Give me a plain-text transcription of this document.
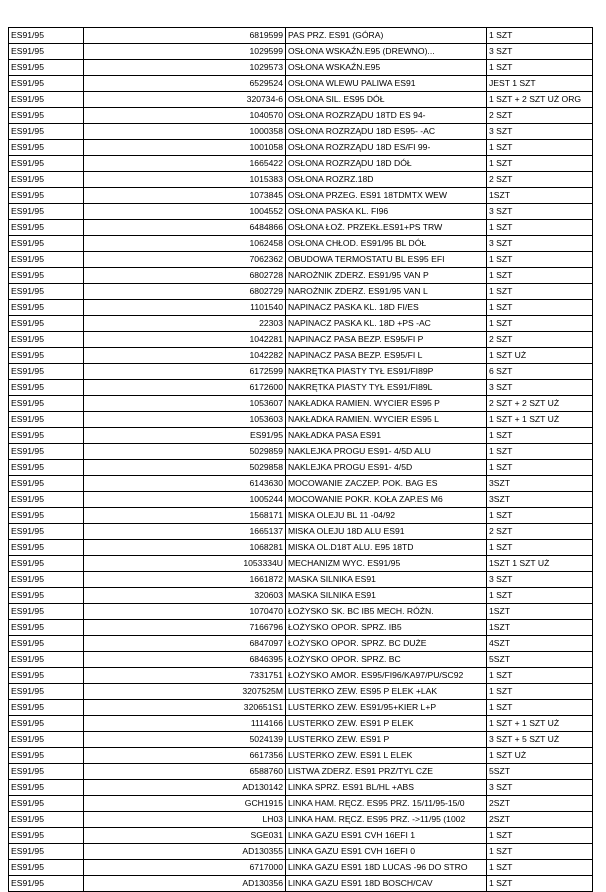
ES91/95	6819599	PAS PRZ. ES91 (GÓRA)	1 SZT
ES91/95	1029599	OSŁONA WSKAŹN.E95 (DREWNO)...	3 SZT
ES91/95	1029573	OSŁONA WSKAŹN.E95	1 SZT
ES91/95	6529524	OSŁONA WLEWU PALIWA ES91	JEST 1 SZT
ES91/95	320734-6	OSŁONA SIL. ES95 DÓŁ	1 SZT + 2 SZT UŻ ORG
ES91/95	1040570	OSŁONA ROZRZĄDU 18TD ES 94-	2 SZT
ES91/95	1000358	OSŁONA ROZRZĄDU 18D ES95- -AC	3 SZT
ES91/95	1001058	OSŁONA ROZRZĄDU 18D ES/FI 99-	1 SZT
ES91/95	1665422	OSŁONA ROZRZĄDU 18D DÓŁ	1 SZT
ES91/95	1015383	OSŁONA ROZRZ.18D	2 SZT
ES91/95	1073845	OSŁONA PRZEG. ES91 18TDMTX WEW	1SZT
ES91/95	1004552	OSŁONA PASKA KL. FI96	3 SZT
ES91/95	6484866	OSŁONA ŁOŻ. PRZEKŁ.ES91+PS TRW	1 SZT
ES91/95	1062458	OSŁONA CHŁOD. ES91/95 BL DÓŁ	3 SZT
ES91/95	7062362	OBUDOWA TERMOSTATU BL ES95 EFI	1 SZT
ES91/95	6802728	NAROŻNIK ZDERZ. ES91/95 VAN P	1 SZT
ES91/95	6802729	NAROŻNIK ZDERZ. ES91/95 VAN L	1 SZT
ES91/95	1101540	NAPINACZ PASKA KL. 18D FI/ES	1 SZT
ES91/95	22303	NAPINACZ PASKA KL. 18D +PS -AC	1 SZT
ES91/95	1042281	NAPINACZ PASA BEZP. ES95/FI P	2 SZT
ES91/95	1042282	NAPINACZ PASA BEZP. ES95/FI L	1 SZT UŻ
ES91/95	6172599	NAKRĘTKA PIASTY TYŁ ES91/FI89P	6 SZT
ES91/95	6172600	NAKRĘTKA PIASTY TYŁ ES91/FI89L	3 SZT
ES91/95	1053607	NAKŁADKA RAMIEN. WYCIER ES95 P	2 SZT + 2 SZT UŻ
ES91/95	1053603	NAKŁADKA RAMIEN. WYCIER ES95 L	1 SZT + 1 SZT UŻ
ES91/95	ES91/95	NAKŁADKA PASA ES91	1 SZT
ES91/95	5029859	NAKLEJKA PROGU ES91- 4/5D ALU	1 SZT
ES91/95	5029858	NAKLEJKA PROGU ES91- 4/5D	1 SZT
ES91/95	6143630	MOCOWANIE ZACZEP. POK. BAG ES	3SZT
ES91/95	1005244	MOCOWANIE POKR. KOŁA ZAP.ES M6	3SZT
ES91/95	1568171	MISKA OLEJU BL 11 -04/92	1 SZT
ES91/95	1665137	MISKA OLEJU 18D ALU ES91	2 SZT
ES91/95	1068281	MISKA OL.D18T ALU. E95 18TD	1 SZT
ES91/95	1053334U	MECHANIZM WYC. ES91/95	1SZT 1 SZT UŻ
ES91/95	1661872	MASKA SILNIKA ES91	3 SZT
ES91/95	320603	MASKA SILNIKA ES91	1 SZT
ES91/95	1070470	ŁOŻYSKO SK. BC IB5 MECH. RÓŻN.	1SZT
ES91/95	7166796	ŁOŻYSKO OPOR. SPRZ. IB5	1SZT
ES91/95	6847097	ŁOŻYSKO OPOR. SPRZ. BC DUŻE	4SZT
ES91/95	6846395	ŁOŻYSKO OPOR. SPRZ. BC	5SZT
ES91/95	7331751	ŁOŻYSKO AMOR. ES95/FI96/KA97/PU/SC92	1 SZT
ES91/95	3207525M	LUSTERKO ZEW. ES95 P ELEK +LAK	1 SZT
ES91/95	320651S1	LUSTERKO ZEW. ES91/95+KIER L+P	1 SZT
ES91/95	1114166	LUSTERKO ZEW. ES91 P ELEK	1 SZT + 1 SZT UŻ
ES91/95	5024139	LUSTERKO ZEW. ES91 P	3 SZT + 5 SZT UŻ
ES91/95	6617356	LUSTERKO ZEW. ES91 L ELEK	1 SZT UŻ
ES91/95	6588760	LISTWA ZDERZ. ES91 PRZ/TYL CZE	5SZT
ES91/95	AD130142	LINKA SPRZ. ES91 BL/HL +ABS	3 SZT
ES91/95	GCH1915	LINKA HAM. RĘCZ. ES95 PRZ. 15/11/95-15/0	2SZT
ES91/95	LH03	LINKA HAM. RĘCZ. ES95 PRZ. ->11/95 (1002	2SZT
ES91/95	SGE031	LINKA GAZU ES91 CVH 16EFI 1	1 SZT
ES91/95	AD130355	LINKA GAZU ES91 CVH 16EFI 0	1 SZT
ES91/95	6717000	LINKA GAZU ES91 18D LUCAS -96 DO STRO	1 SZT
ES91/95	AD130356	LINKA GAZU ES91 18D BOSCH/CAV	1 SZT
